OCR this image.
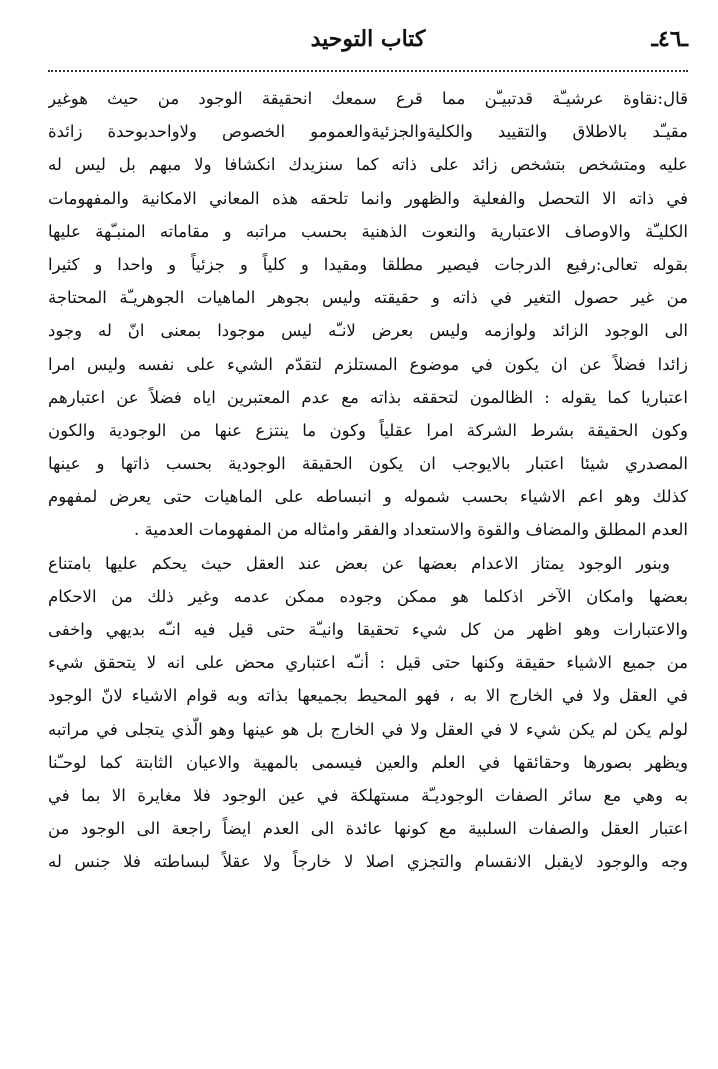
ـ٤٦ـ
كتاب التوحيد
قال:نقاوة عرشيـّة قدتبيـّن مما قرع سمعك انحقيقة الوجود من حيث هوغير
مقيـّد بالاطلاق والتقييد والكليةوالجزئيةوالعمومو الخصوص ولاواحدبوحدة زائدة
عليه ومتشخص بتشخص زائد على ذاته كما سنزيدك انكشافا ولا مبهم بل ليس له
في ذاته الا التحصل والفعلية والظهور وانما تلحقه هذه المعاني الامكانية والمفهومات
الكليـّة والاوصاف الاعتبارية والنعوت الذهنية بحسب مراتبه و مقاماته المنبـّهة عليها
بقوله تعالى:رفيع الدرجات فيصير مطلقا ومقيدا و كلياً و جزئياً و واحدا و كثيرا
من غير حصول التغير في ذاته و حقيقته وليس بجوهر الماهيات الجوهريـّة المحتاجة
الى الوجود الزائد ولوازمه وليس بعرض لانـّه ليس موجودا بمعنى انّ له وجود
زائدا فضلاً عن ان يكون في موضوع المستلزم لتقدّم الشيء على نفسه وليس امرا
اعتباريا كما يقوله : الظالمون لتحققه بذاته مع عدم المعتبرين اياه فضلاً عن اعتبارهم
وكون الحقيقة بشرط الشركة امرا عقلياً وكون ما ينتزع عنها من الوجودية والكون
المصدري شيئا اعتبار بالايوجب ان يكون الحقيقة الوجودية بحسب ذاتها و عينها
كذلك وهو اعم الاشياء بحسب شموله و انبساطه على الماهيات حتى يعرض لمفهوم
العدم المطلق والمضاف والقوة والاستعداد والفقر وامثاله من المفهومات العدمية .
وبنور الوجود يمتاز الاعدام بعضها عن بعض عند العقل حيث يحكم عليها بامتناع
بعضها وامكان الآخر اذكلما هو ممكن وجوده ممكن عدمه وغير ذلك من الاحكام
والاعتبارات وهو اظهر من كل شيء تحقيقا وانيـّة حتى قيل فيه انـّه بديهي واخفى
من جميع الاشياء حقيقة وكنها حتى قيل : أنـّه اعتباري محض على انه لا يتحقق شيء
في العقل ولا في الخارج الا به ، فهو المحيط بجميعها بذاته وبه قوام الاشياء لانّ الوجود
لولم يكن لم يكن شيء لا في العقل ولا في الخارج بل هو عينها وهو الّذي يتجلى في مراتبه
ويظهر بصورها وحقائقها في العلم والعين فيسمى بالمهية والاعيان الثابتة كما لوحـّنا
به وهي مع سائر الصفات الوجوديـّة مستهلكة في عين الوجود فلا مغايرة الا بما في
اعتبار العقل والصفات السلبية مع كونها عائدة الى العدم ايضاً راجعة الى الوجود من
وجه والوجود لايقبل الانقسام والتجزي اصلا لا خارجاً ولا عقلاً لبساطته فلا جنس له
